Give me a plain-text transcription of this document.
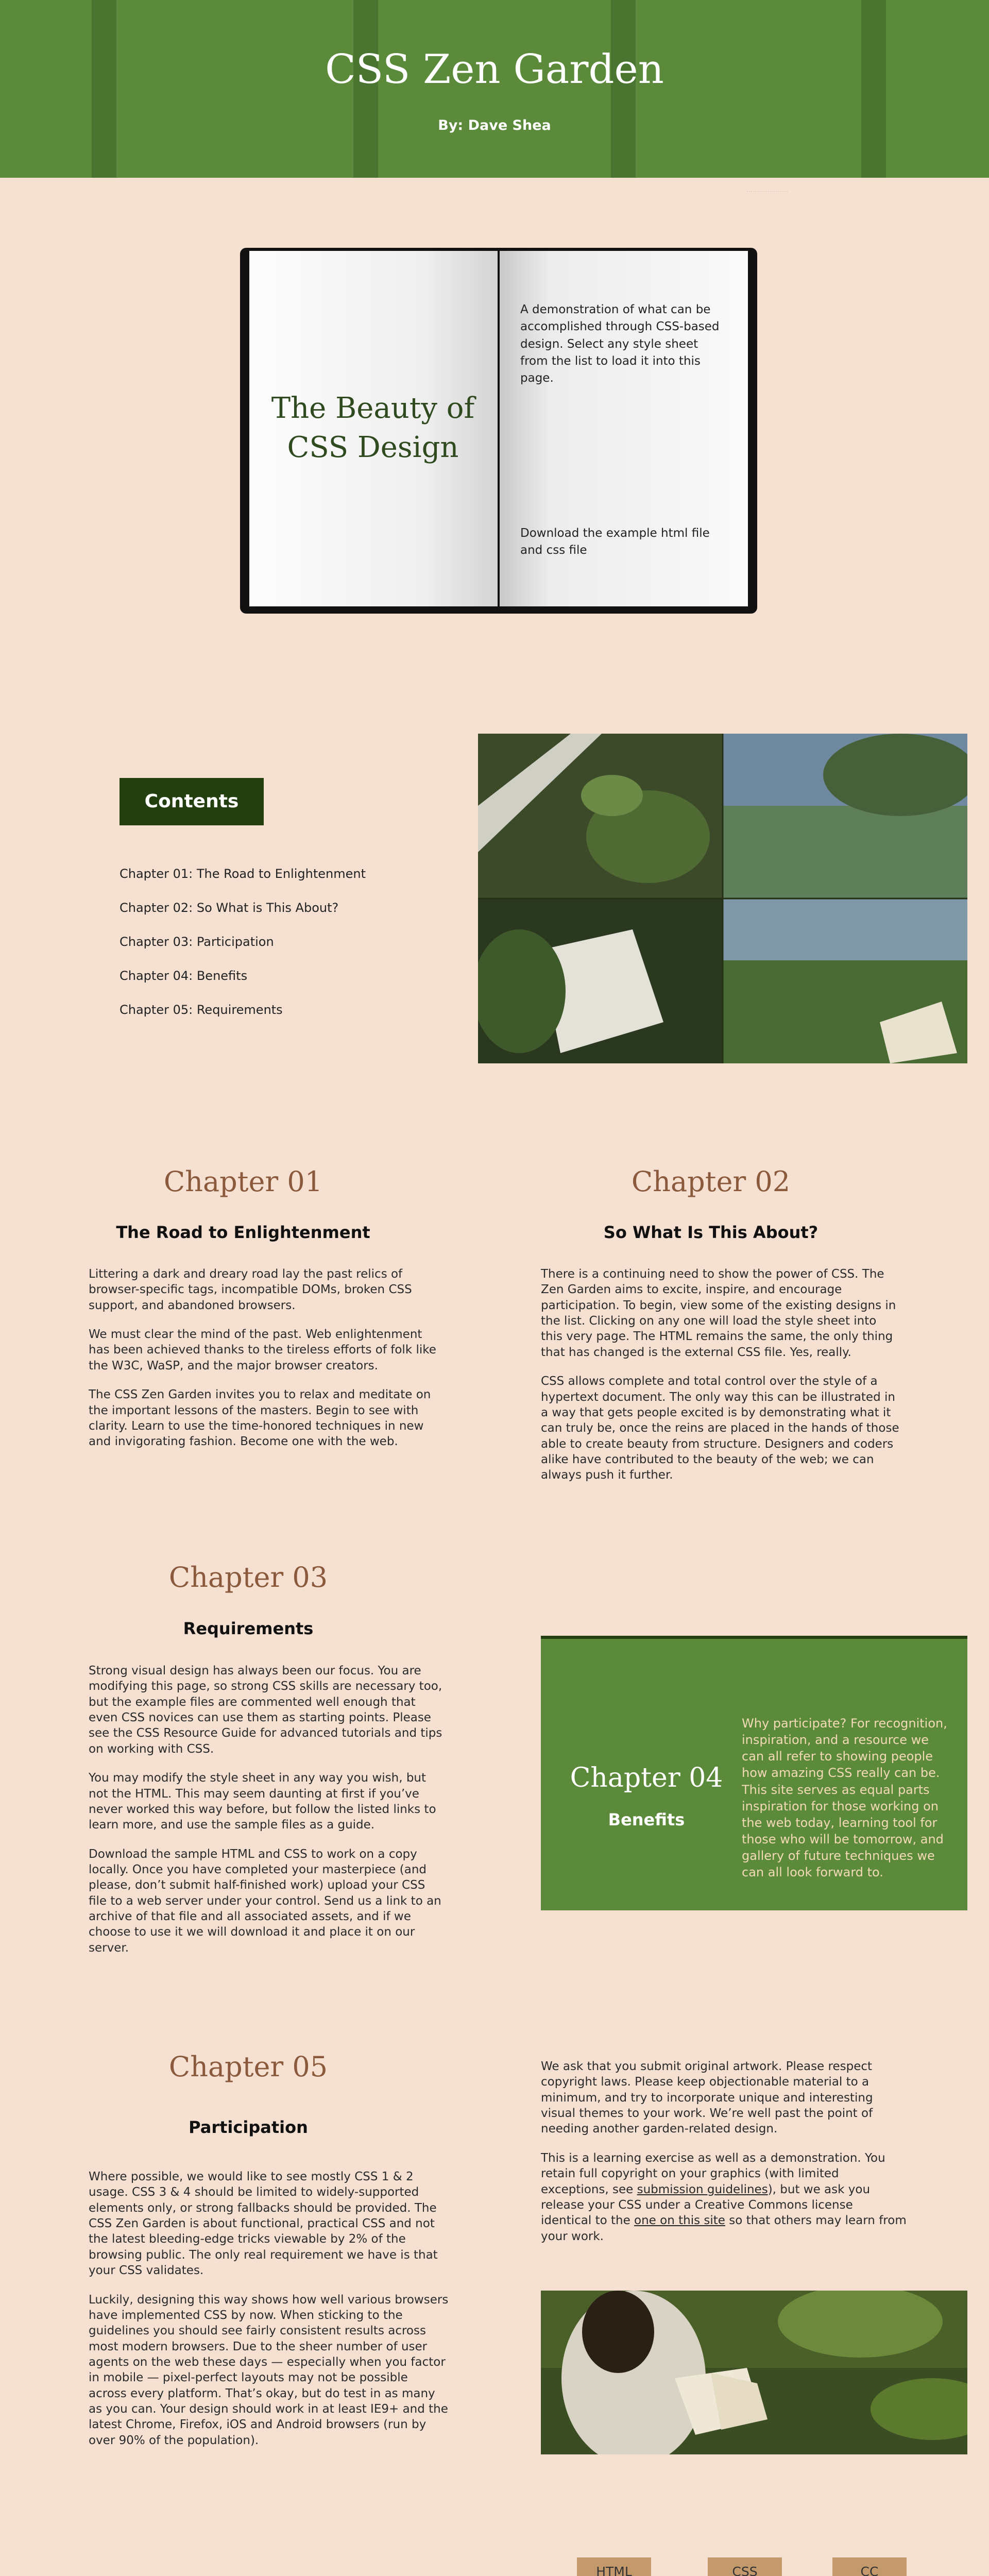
CSS Zen Garden
By: Dave Shea
- - - - - - - - - - - - - - - - - - - -
The Beauty of
CSS Design
A demonstration of what can be accomplished through CSS-based design. Select any style sheet from the list to load it into this page.
Download the example html file and css file
Contents
Chapter 01: The Road to Enlightenment
Chapter 02: So What is This About?
Chapter 03: Participation
Chapter 04: Benefits
Chapter 05: Requirements
Chapter 01
The Road to Enlightenment

Littering a dark and dreary road lay the past relics of browser-specific tags, incompatible DOMs, broken CSS support, and abandoned browsers.

We must clear the mind of the past. Web enlightenment has been achieved thanks to the tireless efforts of folk like the W3C, WaSP, and the major browser creators.

The CSS Zen Garden invites you to relax and meditate on the important lessons of the masters. Begin to see with clarity. Learn to use the time-honored techniques in new and invigorating fashion. Become one with the web.

Chapter 02
So What Is This About?

There is a continuing need to show the power of CSS. The Zen Garden aims to excite, inspire, and encourage participation. To begin, view some of the existing designs in the list. Clicking on any one will load the style sheet into this very page. The HTML remains the same, the only thing that has changed is the external CSS file. Yes, really.

CSS allows complete and total control over the style of a hypertext document. The only way this can be illustrated in a way that gets people excited is by demonstrating what it can truly be, once the reins are placed in the hands of those able to create beauty from structure. Designers and coders alike have contributed to the beauty of the web; we can always push it further.

Chapter 03
Requirements

Strong visual design has always been our focus. You are modifying this page, so strong CSS skills are necessary too, but the example files are commented well enough that even CSS novices can use them as starting points. Please see the CSS Resource Guide for advanced tutorials and tips on working with CSS.

You may modify the style sheet in any way you wish, but not the HTML. This may seem daunting at first if you’ve never worked this way before, but follow the listed links to learn more, and use the sample files as a guide.

Download the sample HTML and CSS to work on a copy locally. Once you have completed your masterpiece (and please, don’t submit half-finished work) upload your CSS file to a web server under your control. Send us a link to an archive of that file and all associated assets, and if we choose to use it we will download it and place it on our server.

Chapter 04
Benefits
Why participate? For recognition, inspiration, and a resource we can all refer to showing people how amazing CSS really can be. This site serves as equal parts inspiration for those working on the web today, learning tool for those who will be tomorrow, and gallery of future techniques we can all look forward to.
Chapter 05
Participation

Where possible, we would like to see mostly CSS 1 & 2 usage. CSS 3 & 4 should be limited to widely-supported elements only, or strong fallbacks should be provided. The CSS Zen Garden is about functional, practical CSS and not the latest bleeding-edge tricks viewable by 2% of the browsing public. The only real requirement we have is that your CSS validates.

Luckily, designing this way shows how well various browsers have implemented CSS by now. When sticking to the guidelines you should see fairly consistent results across most modern browsers. Due to the sheer number of user agents on the web these days — especially when you factor in mobile — pixel-perfect layouts may not be possible across every platform. That’s okay, but do test in as many as you can. Your design should work in at least IE9+ and the latest Chrome, Firefox, iOS and Android browsers (run by over 90% of the population).

We ask that you submit original artwork. Please respect copyright laws. Please keep objectionable material to a minimum, and try to incorporate unique and interesting visual themes to your work. We’re well past the point of needing another garden-related design.

This is a learning exercise as well as a demonstration. You retain full copyright on your graphics (with limited exceptions, see submission guidelines), but we ask you release your CSS under a Creative Commons license identical to the one on this site so that others may learn from your work.

HTML	CSS	CC
